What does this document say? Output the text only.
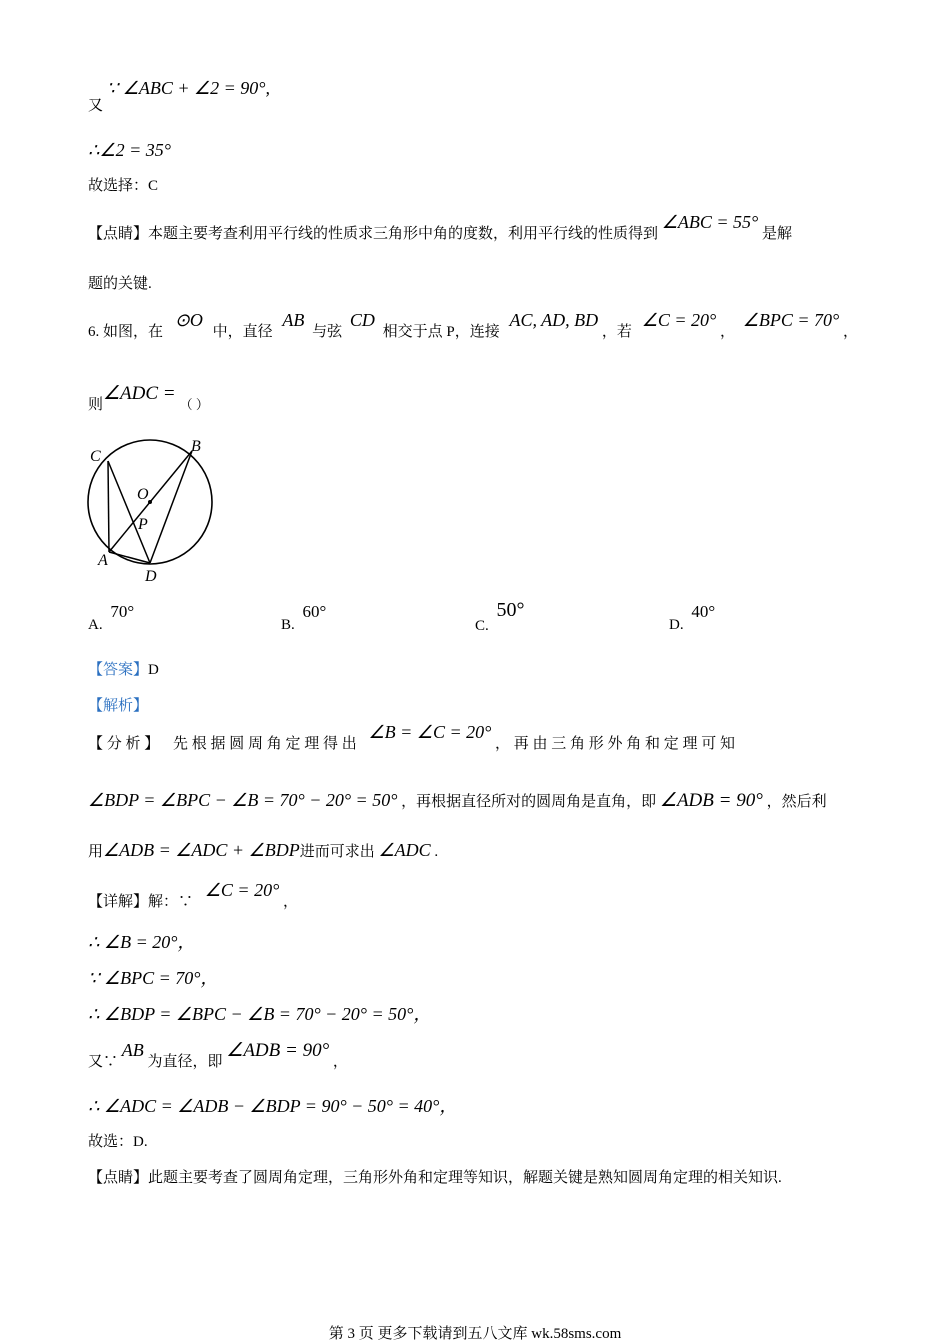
又 ∵ ∠ABC + ∠2 = 90°,
∴∠2 = 35°
故选择：C
【点睛】本题主要考查利用平行线的性质求三角形中角的度数，利用平行线的性质得到 ∠ABC = 55° 是解
题的关键.
6. 如图，在 ⊙O 中，直径 AB 与弦 CD 相交于点 P，连接 AC, AD, BD ，若 ∠C = 20° ， ∠BPC = 70° ，
则∠ADC =（ ）
C
B
O
P
A
D
A. 70°
B. 60°
C. 50°
D. 40°
【答案】D
【解析】
【 分 析 】 先 根 据 圆 周 角 定 理 得 出 ∠B = ∠C = 20° ， 再 由 三 角 形 外 角 和 定 理 可 知
∠BDP = ∠BPC − ∠B = 70° − 20° = 50° ，再根据直径所对的圆周角是直角，即 ∠ADB = 90° ，然后利
用∠ADB = ∠ADC + ∠BDP进而可求出 ∠ADC .
【详解】解：∵ ∠C = 20° ，
∴ ∠B = 20°，
∵ ∠BPC = 70°，
∴ ∠BDP = ∠BPC − ∠B = 70° − 20° = 50°，
又∵ AB 为直径，即 ∠ADB = 90° ，
∴ ∠ADC = ∠ADB − ∠BDP = 90° − 50° = 40°，
故选：D.
【点睛】此题主要考查了圆周角定理，三角形外角和定理等知识，解题关键是熟知圆周角定理的相关知识.
第 3 页 更多下载请到五八文库 wk.58sms.com
